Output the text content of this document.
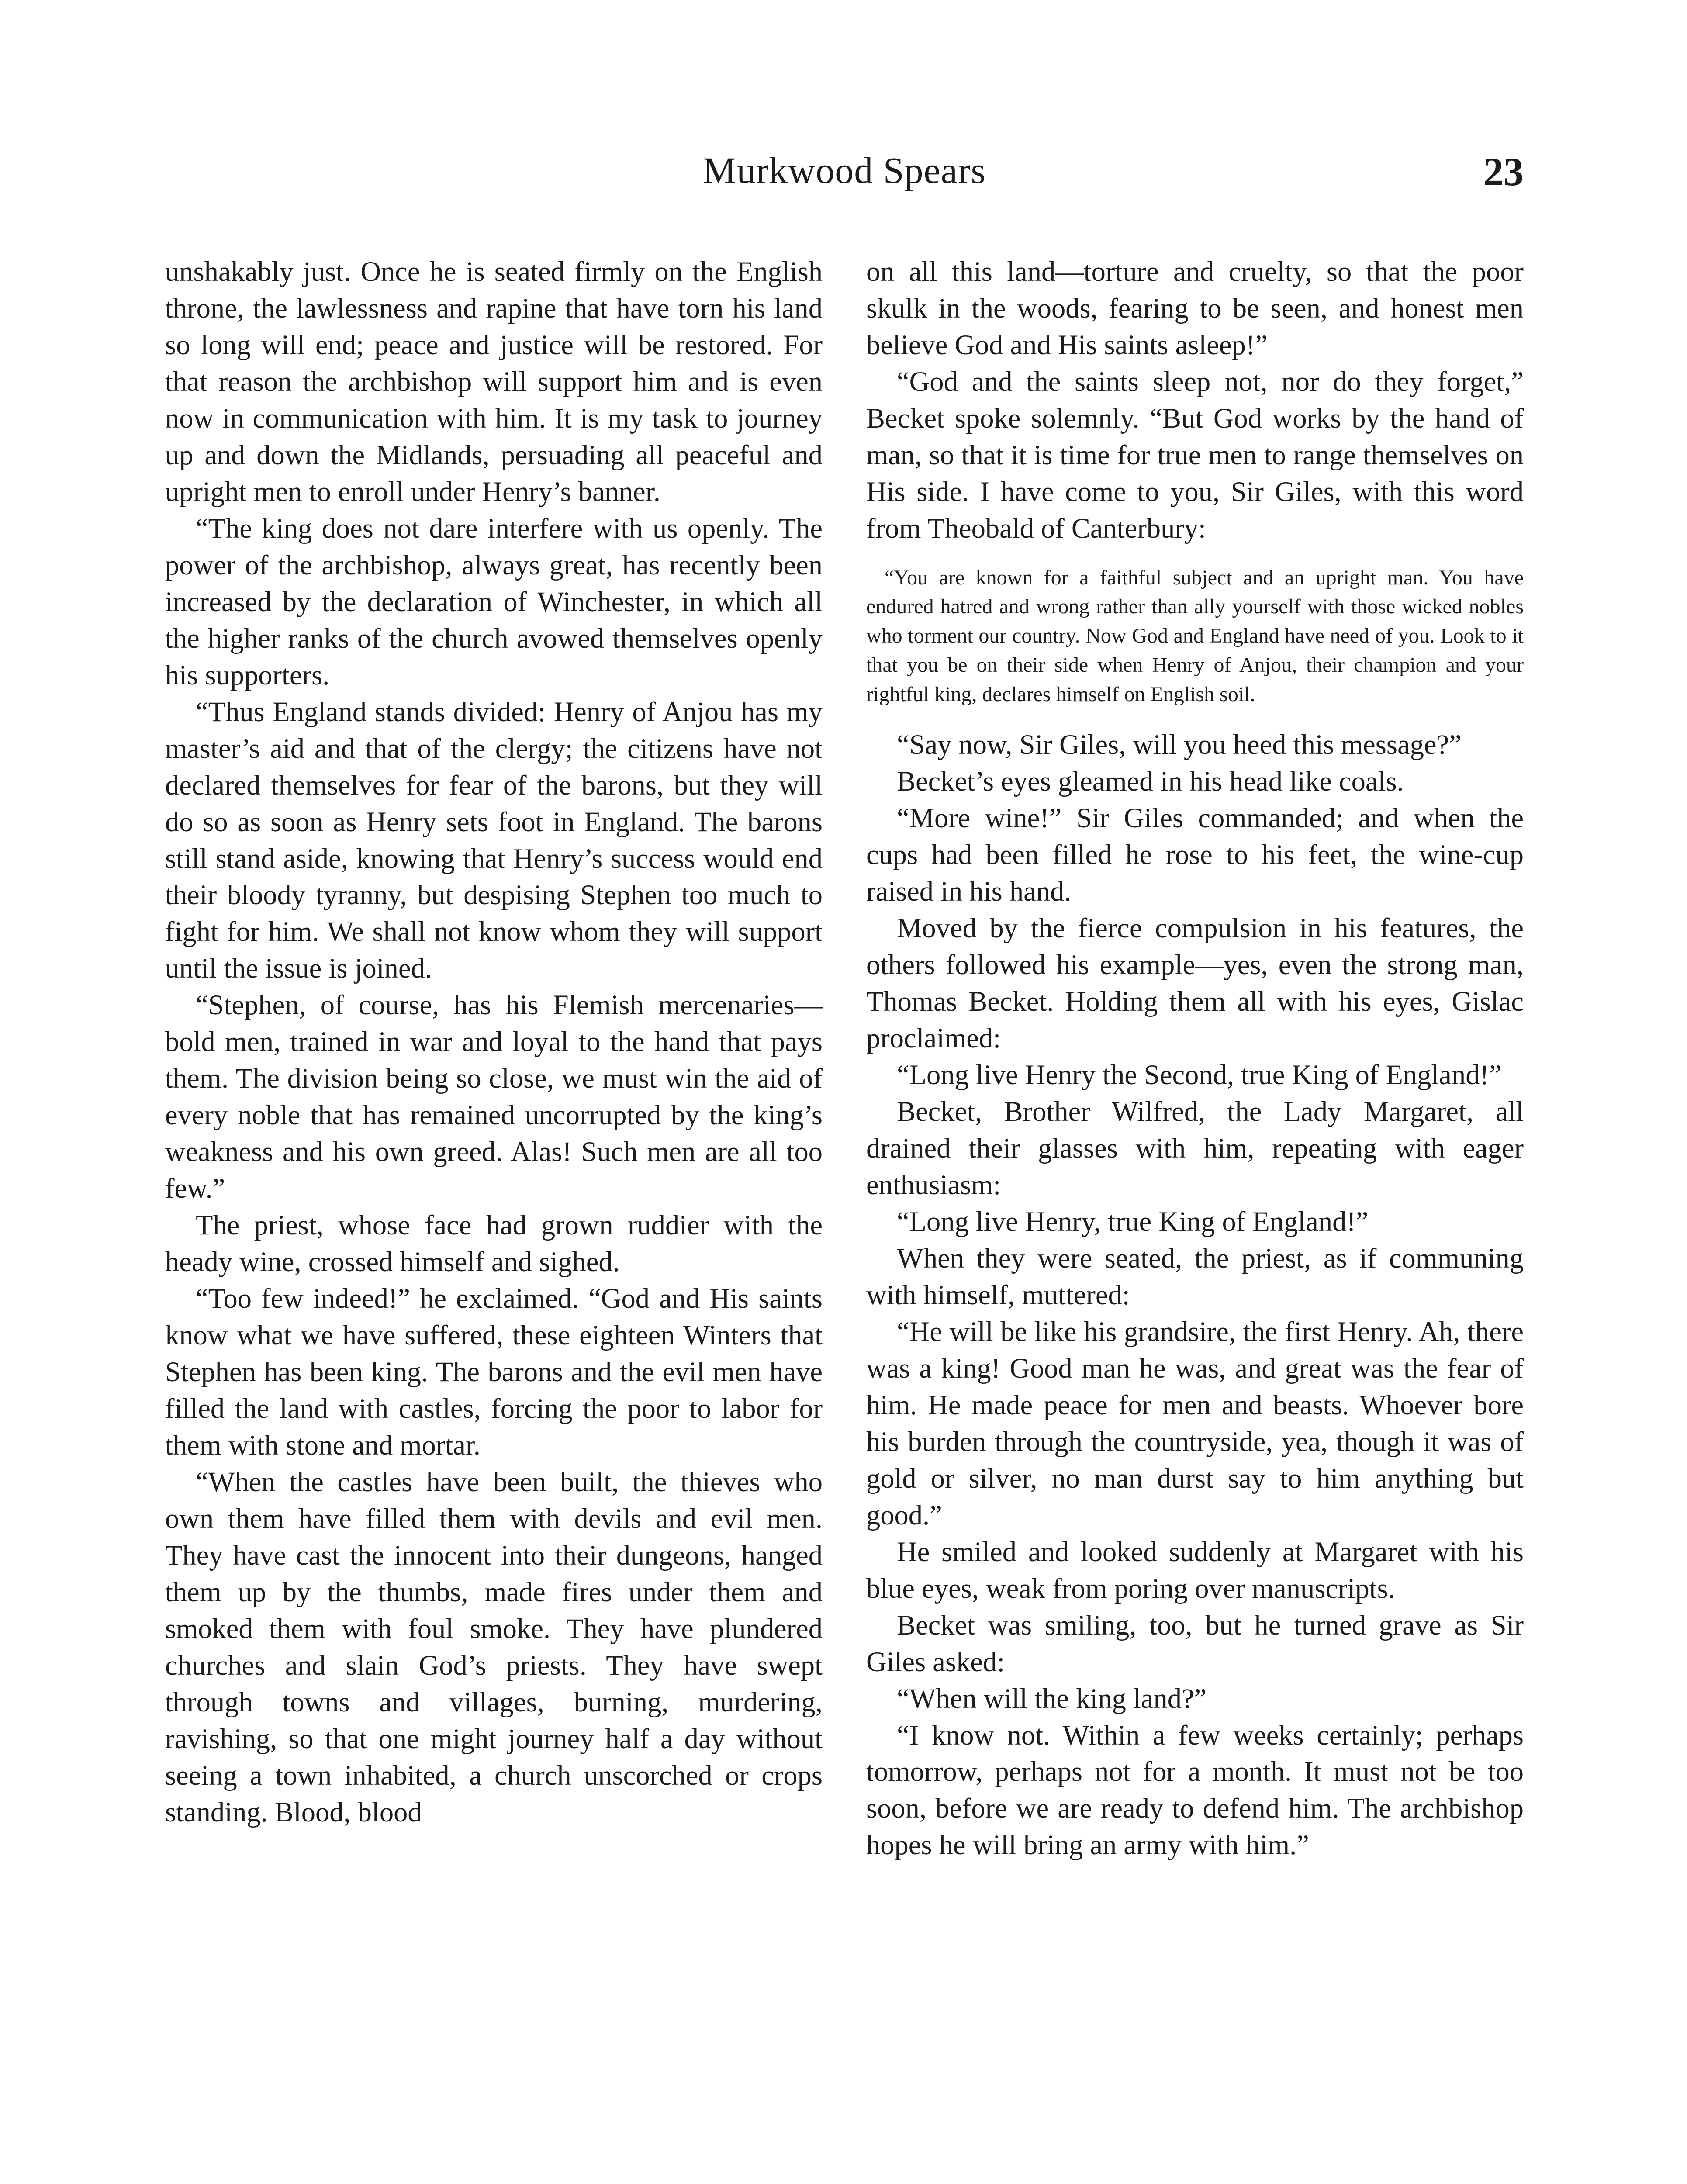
Murkwood Spears	23

unshakably just. Once he is seated firmly on the English throne, the lawlessness and rapine that have torn his land so long will end; peace and justice will be restored. For that reason the archbishop will support him and is even now in communication with him. It is my task to journey up and down the Midlands, persuading all peaceful and upright men to enroll under Henry’s banner.

“The king does not dare interfere with us openly. The power of the archbishop, always great, has recently been increased by the declaration of Winchester, in which all the higher ranks of the church avowed themselves openly his supporters.

“Thus England stands divided: Henry of Anjou has my master’s aid and that of the clergy; the citizens have not declared themselves for fear of the barons, but they will do so as soon as Henry sets foot in England. The barons still stand aside, knowing that Henry’s success would end their bloody tyranny, but despising Stephen too much to fight for him. We shall not know whom they will support until the issue is joined.

“Stephen, of course, has his Flemish mercenaries—bold men, trained in war and loyal to the hand that pays them. The division being so close, we must win the aid of every noble that has remained uncorrupted by the king’s weakness and his own greed. Alas! Such men are all too few.”

The priest, whose face had grown ruddier with the heady wine, crossed himself and sighed.

“Too few indeed!” he exclaimed. “God and His saints know what we have suffered, these eighteen Winters that Stephen has been king. The barons and the evil men have filled the land with castles, forcing the poor to labor for them with stone and mortar.

“When the castles have been built, the thieves who own them have filled them with devils and evil men. They have cast the innocent into their dungeons, hanged them up by the thumbs, made fires under them and smoked them with foul smoke. They have plundered churches and slain God’s priests. They have swept through towns and villages, burning, murdering, ravishing, so that one might journey half a day without seeing a town inhabited, a church unscorched or crops standing. Blood, blood

on all this land—torture and cruelty, so that the poor skulk in the woods, fearing to be seen, and honest men believe God and His saints asleep!”

“God and the saints sleep not, nor do they forget,” Becket spoke solemnly. “But God works by the hand of man, so that it is time for true men to range themselves on His side. I have come to you, Sir Giles, with this word from Theobald of Canterbury:

“You are known for a faithful subject and an upright man. You have endured hatred and wrong rather than ally yourself with those wicked nobles who torment our country. Now God and England have need of you. Look to it that you be on their side when Henry of Anjou, their champion and your rightful king, declares himself on English soil.

“Say now, Sir Giles, will you heed this message?”

Becket’s eyes gleamed in his head like coals.

“More wine!” Sir Giles commanded; and when the cups had been filled he rose to his feet, the wine-cup raised in his hand.

Moved by the fierce compulsion in his features, the others followed his example—yes, even the strong man, Thomas Becket. Holding them all with his eyes, Gislac proclaimed:

“Long live Henry the Second, true King of England!”

Becket, Brother Wilfred, the Lady Margaret, all drained their glasses with him, repeating with eager enthusiasm:

“Long live Henry, true King of England!”

When they were seated, the priest, as if communing with himself, muttered:

“He will be like his grandsire, the first Henry. Ah, there was a king! Good man he was, and great was the fear of him. He made peace for men and beasts. Whoever bore his burden through the countryside, yea, though it was of gold or silver, no man durst say to him anything but good.”

He smiled and looked suddenly at Margaret with his blue eyes, weak from poring over manuscripts.

Becket was smiling, too, but he turned grave as Sir Giles asked:

“When will the king land?”

“I know not. Within a few weeks certainly; perhaps tomorrow, perhaps not for a month. It must not be too soon, before we are ready to defend him. The archbishop hopes he will bring an army with him.”
